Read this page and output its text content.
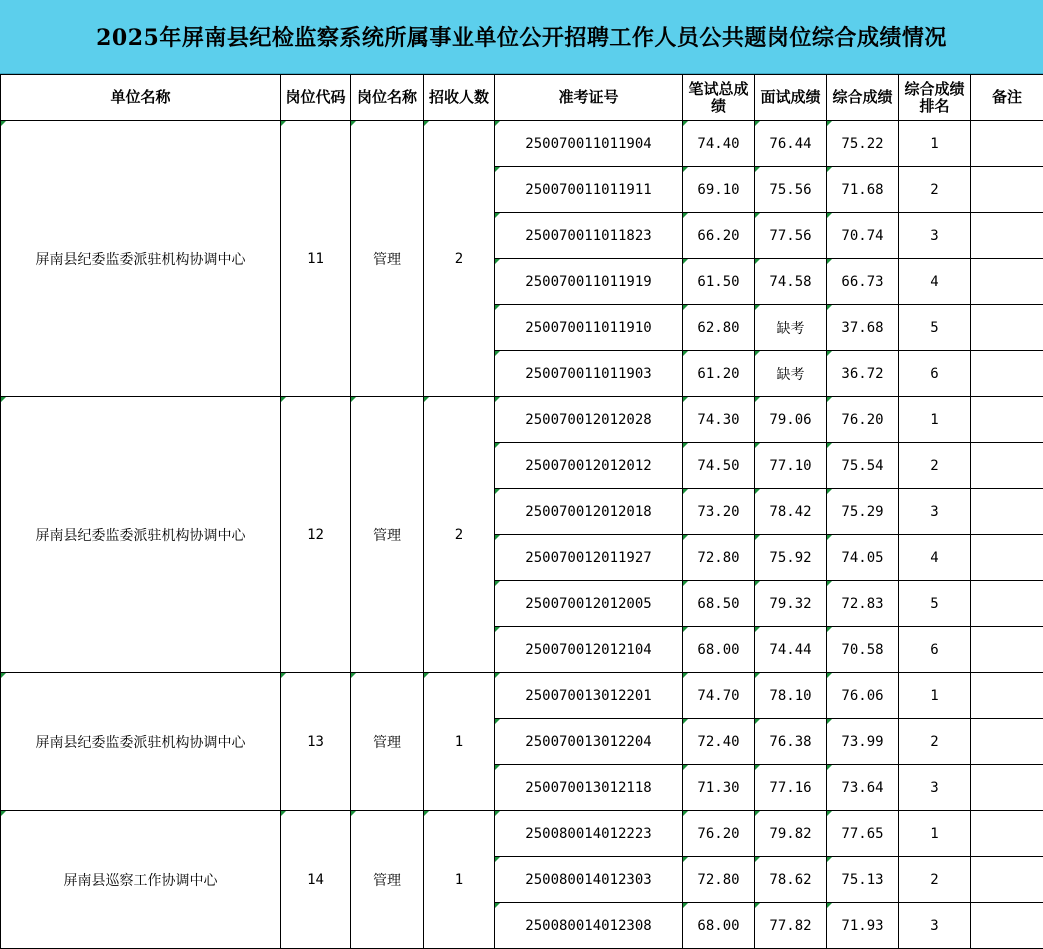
2025年屏南县纪检监察系统所属事业单位公开招聘工作人员公共题岗位综合成绩情况
单位名称	岗位代码	岗位名称	招收人数	准考证号	笔试总成绩	面试成绩	综合成绩	综合成绩排名	备注
屏南县纪委监委派驻机构协调中心	11	管理	2	250070011011904	74.40	76.44	75.22	1	
				250070011011911	69.10	75.56	71.68	2	
				250070011011823	66.20	77.56	70.74	3	
				250070011011919	61.50	74.58	66.73	4	
				250070011011910	62.80	缺考	37.68	5	
				250070011011903	61.20	缺考	36.72	6	
屏南县纪委监委派驻机构协调中心	12	管理	2	250070012012028	74.30	79.06	76.20	1	
				250070012012012	74.50	77.10	75.54	2	
				250070012012018	73.20	78.42	75.29	3	
				250070012011927	72.80	75.92	74.05	4	
				250070012012005	68.50	79.32	72.83	5	
				250070012012104	68.00	74.44	70.58	6	
屏南县纪委监委派驻机构协调中心	13	管理	1	250070013012201	74.70	78.10	76.06	1	
				250070013012204	72.40	76.38	73.99	2	
				250070013012118	71.30	77.16	73.64	3	
屏南县巡察工作协调中心	14	管理	1	250080014012223	76.20	79.82	77.65	1	
				250080014012303	72.80	78.62	75.13	2	
				250080014012308	68.00	77.82	71.93	3	
